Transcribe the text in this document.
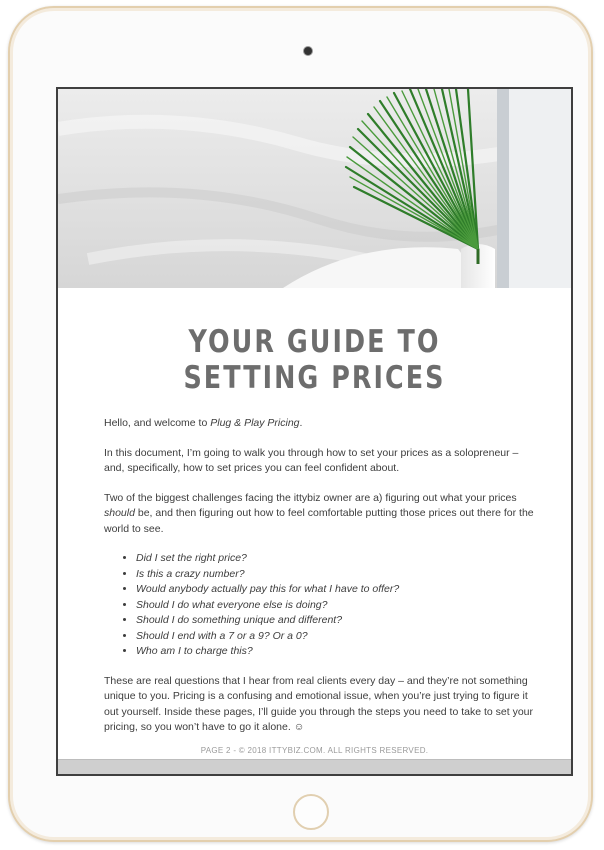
YOUR GUIDE TO
SETTING PRICES

Hello, and welcome to Plug & Play Pricing.

In this document, I’m going to walk you through how to set your prices as a solopreneur – and, specifically, how to set prices you can feel confident about.

Two of the biggest challenges facing the ittybiz owner are a) figuring out what your prices should be, and then figuring out how to feel comfortable putting those prices out there for the world to see.

• Did I set the right price?
• Is this a crazy number?
• Would anybody actually pay this for what I have to offer?
• Should I do what everyone else is doing?
• Should I do something unique and different?
• Should I end with a 7 or a 9? Or a 0?
• Who am I to charge this?

These are real questions that I hear from real clients every day – and they’re not something unique to you. Pricing is a confusing and emotional issue, when you’re just trying to figure it out yourself. Inside these pages, I’ll guide you through the steps you need to take to set your pricing, so you won’t have to go it alone. ☺

PAGE 2 - © 2018 ITTYBIZ.COM. ALL RIGHTS RESERVED.
